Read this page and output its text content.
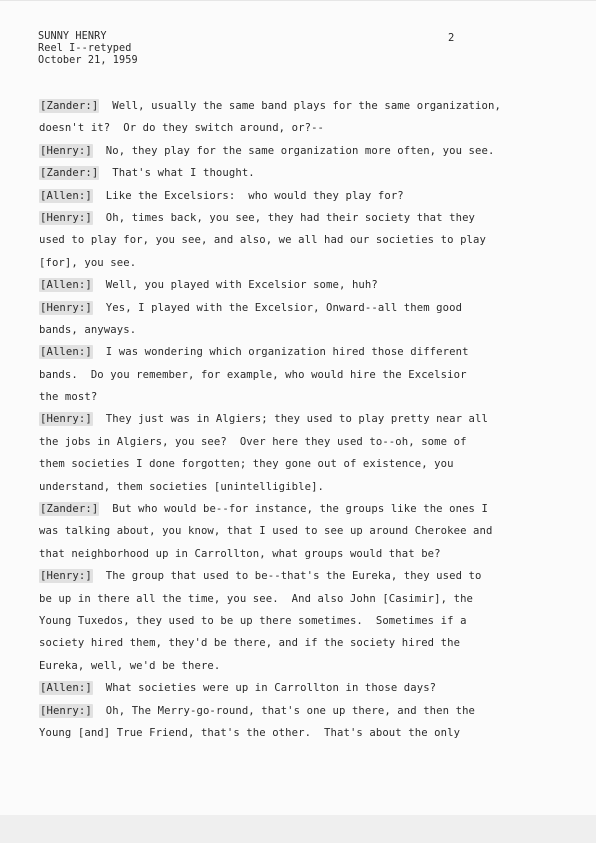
SUNNY HENRY
Reel I--retyped
October 21, 1959
2
[Zander:]  Well, usually the same band plays for the same organization,
doesn't it?  Or do they switch around, or?--
[Henry:]  No, they play for the same organization more often, you see.
[Zander:]  That's what I thought.
[Allen:]  Like the Excelsiors:  who would they play for?
[Henry:]  Oh, times back, you see, they had their society that they
used to play for, you see, and also, we all had our societies to play
[for], you see.
[Allen:]  Well, you played with Excelsior some, huh?
[Henry:]  Yes, I played with the Excelsior, Onward--all them good
bands, anyways.
[Allen:]  I was wondering which organization hired those different
bands.  Do you remember, for example, who would hire the Excelsior
the most?
[Henry:]  They just was in Algiers; they used to play pretty near all
the jobs in Algiers, you see?  Over here they used to--oh, some of
them societies I done forgotten; they gone out of existence, you
understand, them societies [unintelligible].
[Zander:]  But who would be--for instance, the groups like the ones I
was talking about, you know, that I used to see up around Cherokee and
that neighborhood up in Carrollton, what groups would that be?
[Henry:]  The group that used to be--that's the Eureka, they used to
be up in there all the time, you see.  And also John [Casimir], the
Young Tuxedos, they used to be up there sometimes.  Sometimes if a
society hired them, they'd be there, and if the society hired the
Eureka, well, we'd be there.
[Allen:]  What societies were up in Carrollton in those days?
[Henry:]  Oh, The Merry-go-round, that's one up there, and then the
Young [and] True Friend, that's the other.  That's about the only
